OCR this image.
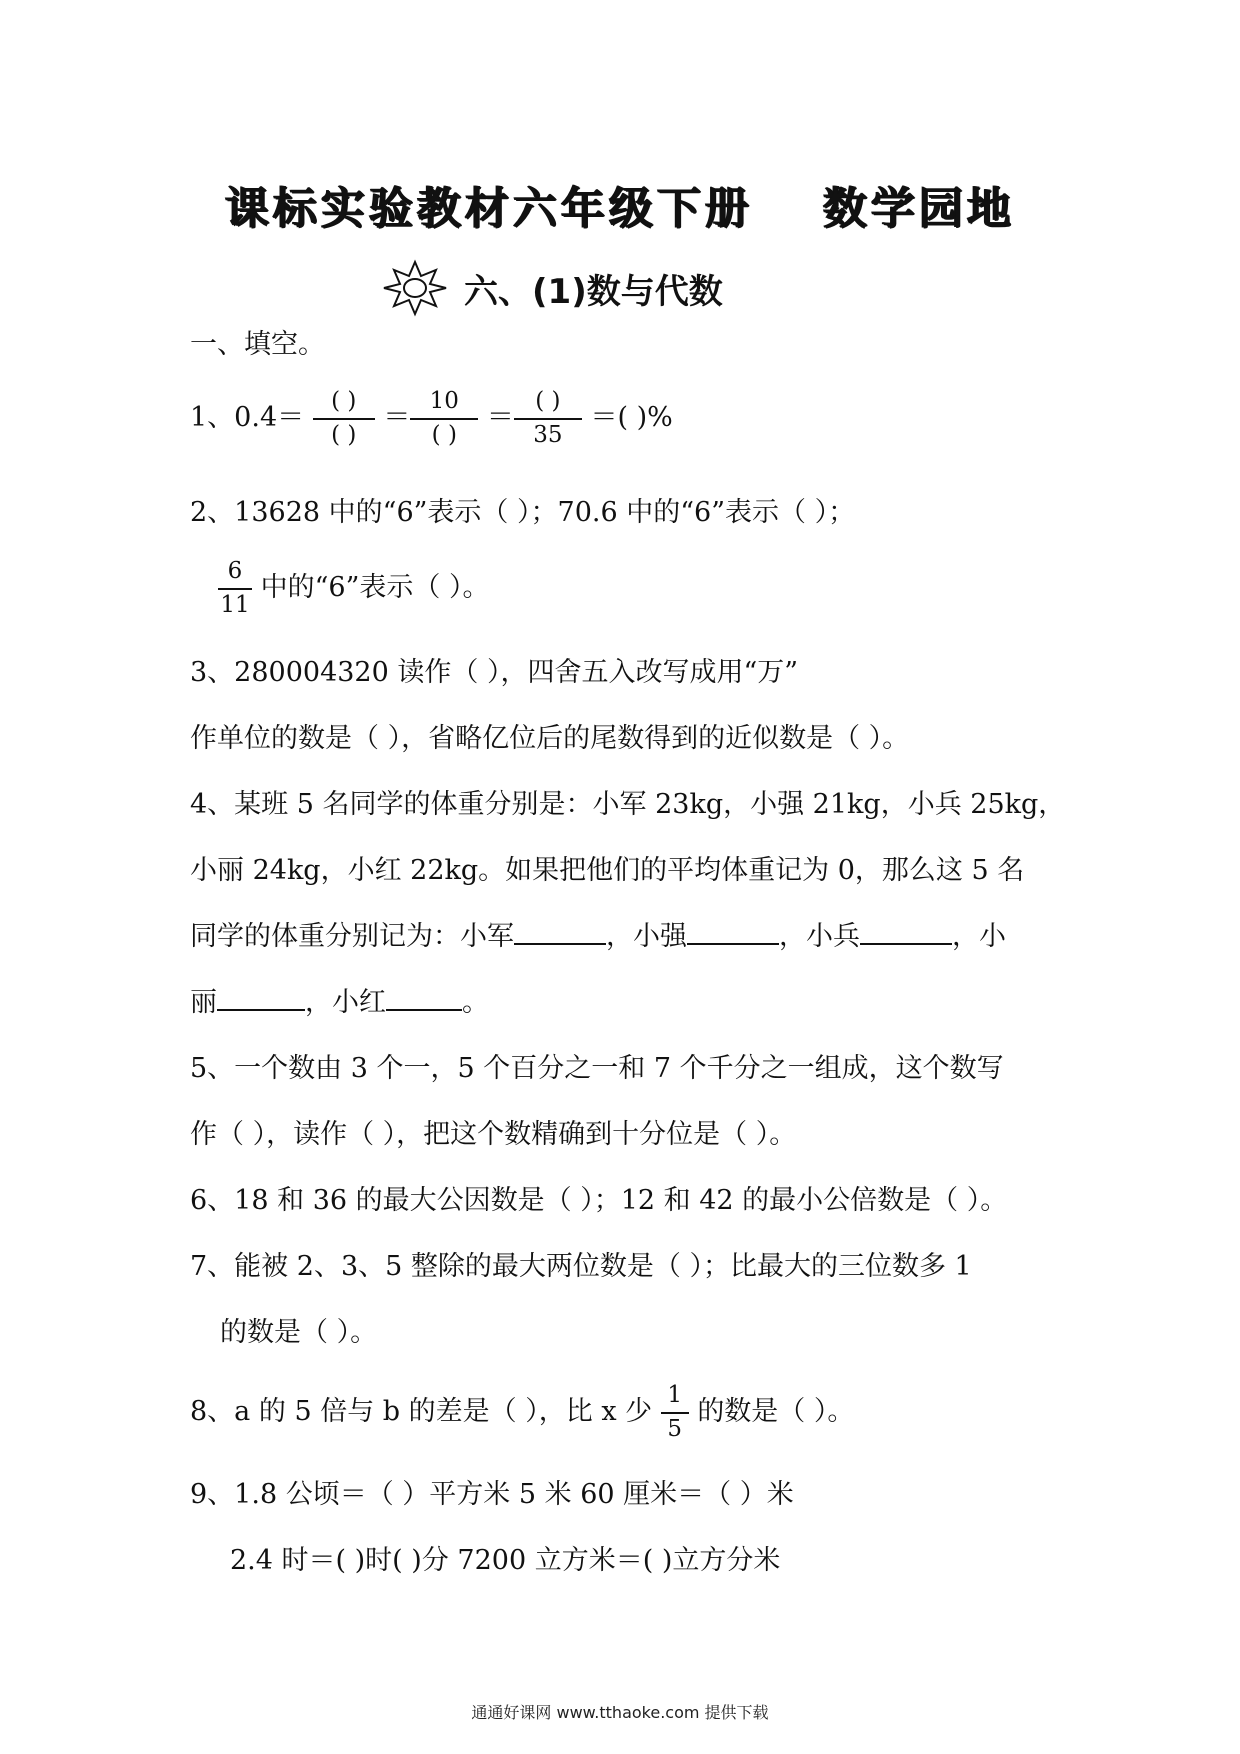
课标实验教材六年级下册 数学园地
六、(1)数与代数
一、填空。
1、$0.4= \frac{( )}{( )} = \frac{10}{( )} = \frac{( )}{35}$ ＝( )%
2、13628 中的“6”表示（ ）；70.6 中的“6”表示（ ）；
$\frac{6}{11}$ 中的“6”表示（ ）。
3、280004320 读作（ ），四舍五入改写成用“万”
作单位的数是（ ），省略亿位后的尾数得到的近似数是（ ）。
4、某班 5 名同学的体重分别是：小军 23kg，小强 21kg，小兵 25kg，
小丽 24kg，小红 22kg。如果把他们的平均体重记为 0，那么这 5 名
同学的体重分别记为：小军	，小强	，小兵	，小
丽	，小红	。
5、一个数由 3 个一，5 个百分之一和 7 个千分之一组成，这个数写
作（ ），读作（ ），把这个数精确到十分位是（ ）。
6、18 和 36 的最大公因数是（ ）；12 和 42 的最小公倍数是（ ）。
7、能被 2、3、5 整除的最大两位数是（ ）；比最大的三位数多 1
的数是（ ）。
8、a 的 5 倍与 b 的差是（ ），比 x 少 $\frac{1}{5}$ 的数是（ ）。
9、1.8 公顷＝（ ）平方米 5 米 60 厘米＝（ ）米
2.4 时＝( )时( )分 7200 立方米＝( )立方分米
通通好课网 www.tthaoke.com 提供下载
